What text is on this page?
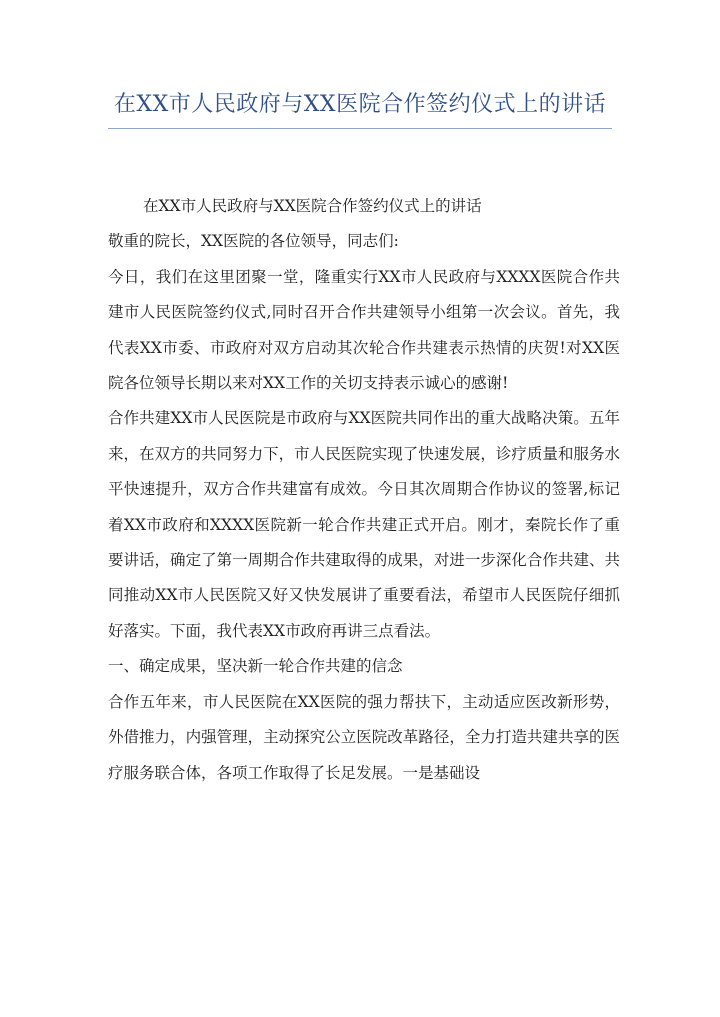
在XX市人民政府与XX医院合作签约仪式上的讲话

在XX市人民政府与XX医院合作签约仪式上的讲话

敬重的院长，XX医院的各位领导，同志们:

今日，我们在这里团聚一堂，隆重实行XX市人民政府与XXXX医院合作共建市人民医院签约仪式,同时召开合作共建领导小组第一次会议。首先，我代表XX市委、市政府对双方启动其次轮合作共建表示热情的庆贺!对XX医院各位领导长期以来对XX工作的关切支持表示诚心的感谢!

合作共建XX市人民医院是市政府与XX医院共同作出的重大战略决策。五年来，在双方的共同努力下，市人民医院实现了快速发展，诊疗质量和服务水平快速提升，双方合作共建富有成效。今日其次周期合作协议的签署,标记着XX市政府和XXXX医院新一轮合作共建正式开启。刚才，秦院长作了重要讲话，确定了第一周期合作共建取得的成果，对进一步深化合作共建、共同推动XX市人民医院又好又快发展讲了重要看法，希望市人民医院仔细抓好落实。下面，我代表XX市政府再讲三点看法。

一、确定成果，坚决新一轮合作共建的信念

合作五年来，市人民医院在XX医院的强力帮扶下，主动适应医改新形势，外借推力，内强管理，主动探究公立医院改革路径，全力打造共建共享的医疗服务联合体，各项工作取得了长足发展。一是基础设
